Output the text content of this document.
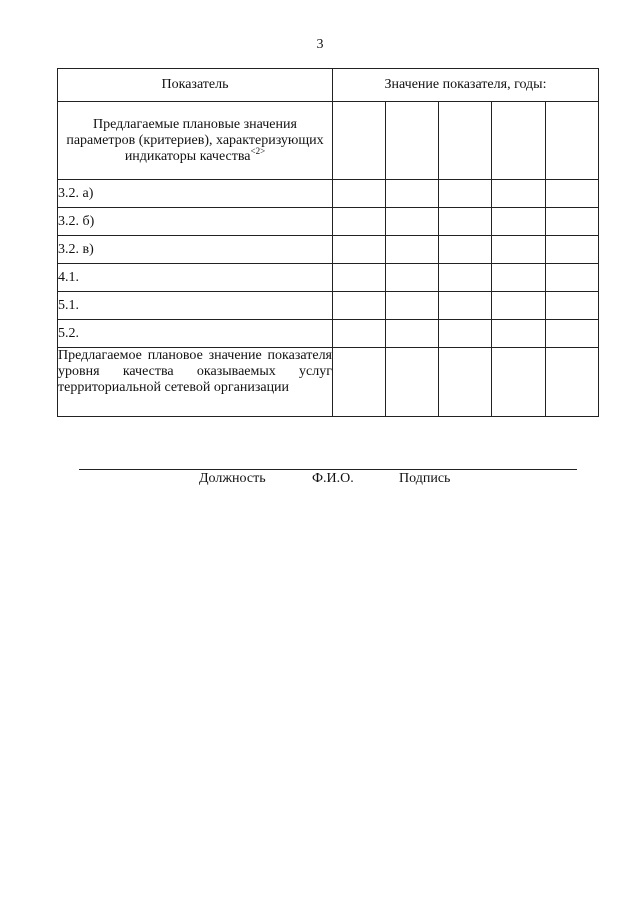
3
Показатель	Значение показателя, годы:				
Предлагаемые плановые значения параметров (критериев), характеризующих индикаторы качества$^{<2>}$					
3.2. а)					
3.2. б)					
3.2. в)					
4.1.					
5.1.					
5.2.					
Предлагаемое плановое значение показателя уровня качества оказываемых услуг территориальной сетевой организации					
Должность	Ф.И.О.	Подпись
